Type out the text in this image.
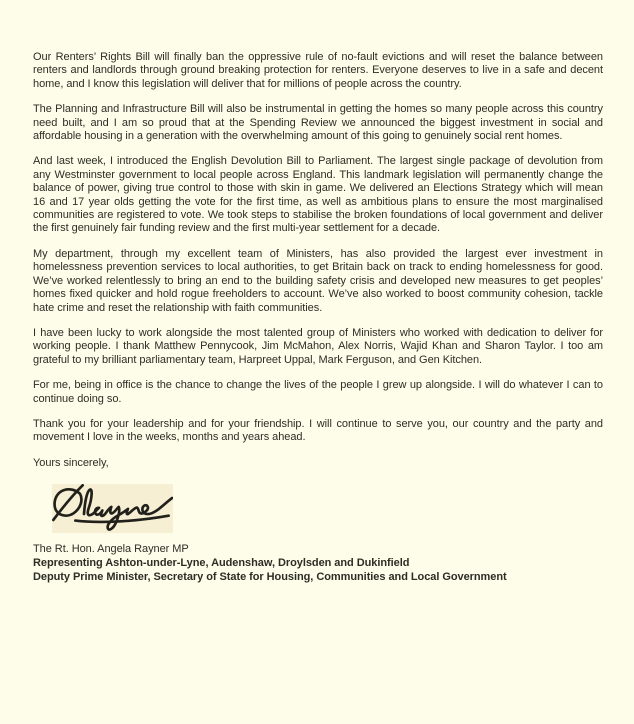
Our Renters’ Rights Bill will finally ban the oppressive rule of no-fault evictions and will reset the balance between renters and landlords through ground breaking protection for renters. Everyone deserves to live in a safe and decent home, and I know this legislation will deliver that for millions of people across the country.

The Planning and Infrastructure Bill will also be instrumental in getting the homes so many people across this country need built, and I am so proud that at the Spending Review we announced the biggest investment in social and affordable housing in a generation with the overwhelming amount of this going to genuinely social rent homes.

And last week, I introduced the English Devolution Bill to Parliament. The largest single package of devolution from any Westminster government to local people across England. This landmark legislation will permanently change the balance of power, giving true control to those with skin in game. We delivered an Elections Strategy which will mean 16 and 17 year olds getting the vote for the first time, as well as ambitious plans to ensure the most marginalised communities are registered to vote. We took steps to stabilise the broken foundations of local government and deliver the first genuinely fair funding review and the first multi-year settlement for a decade.

My department, through my excellent team of Ministers, has also provided the largest ever investment in homelessness prevention services to local authorities, to get Britain back on track to ending homelessness for good. We’ve worked relentlessly to bring an end to the building safety crisis and developed new measures to get peoples’ homes fixed quicker and hold rogue freeholders to account. We’ve also worked to boost community cohesion, tackle hate crime and reset the relationship with faith communities.

I have been lucky to work alongside the most talented group of Ministers who worked with dedication to deliver for working people. I thank Matthew Pennycook, Jim McMahon, Alex Norris, Wajid Khan and Sharon Taylor. I too am grateful to my brilliant parliamentary team, Harpreet Uppal, Mark Ferguson, and Gen Kitchen.

For me, being in office is the chance to change the lives of the people I grew up alongside. I will do whatever I can to continue doing so.

Thank you for your leadership and for your friendship. I will continue to serve you, our country and the party and movement I love in the weeks, months and years ahead.

Yours sincerely,

The Rt. Hon. Angela Rayner MP
Representing Ashton-under-Lyne, Audenshaw, Droylsden and Dukinfield
Deputy Prime Minister, Secretary of State for Housing, Communities and Local Government
